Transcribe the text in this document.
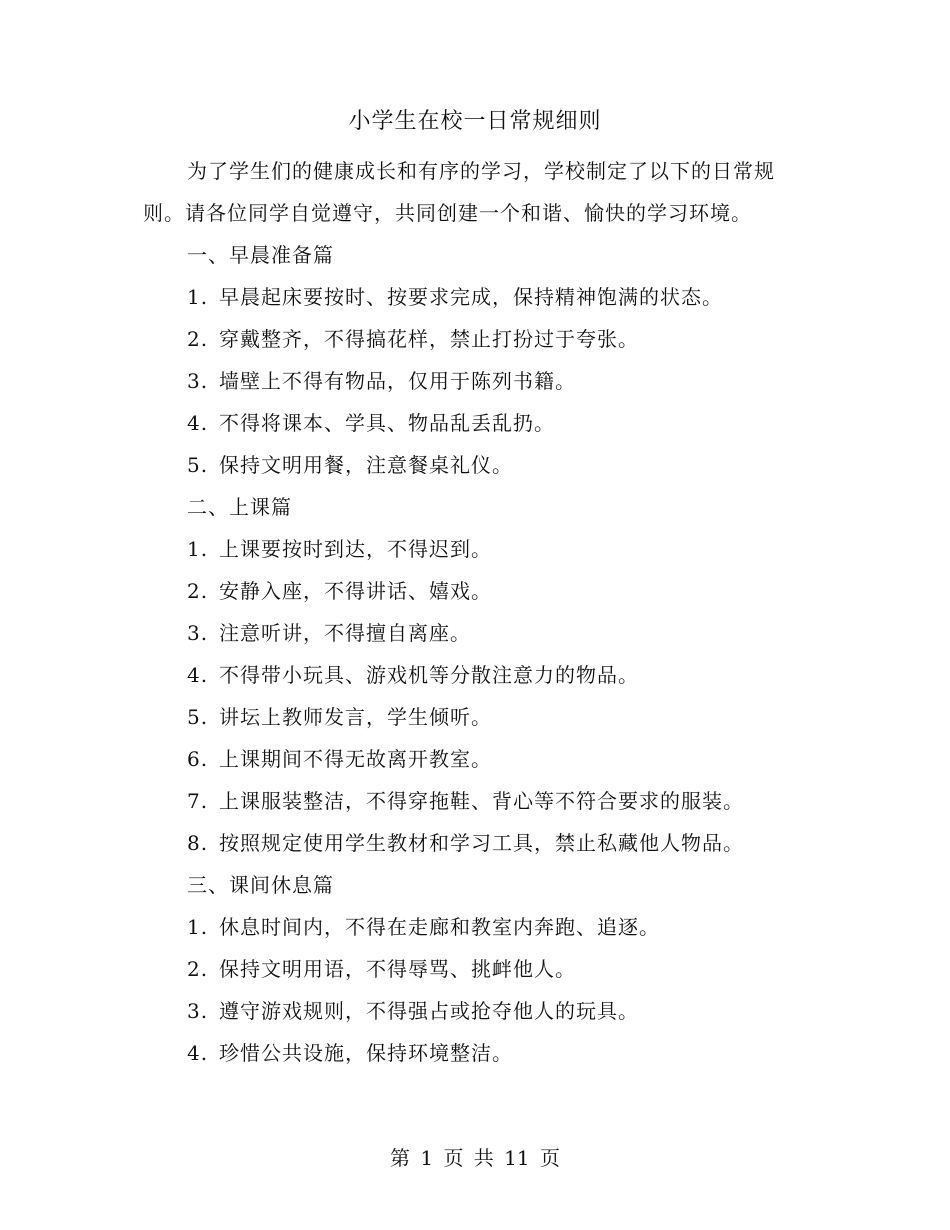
小学生在校一日常规细则

为了学生们的健康成长和有序的学习，学校制定了以下的日常规则。请各位同学自觉遵守，共同创建一个和谐、愉快的学习环境。

一、早晨准备篇
1. 早晨起床要按时、按要求完成，保持精神饱满的状态。
2. 穿戴整齐，不得搞花样，禁止打扮过于夸张。
3. 墙壁上不得有物品，仅用于陈列书籍。
4. 不得将课本、学具、物品乱丢乱扔。
5. 保持文明用餐，注意餐桌礼仪。
二、上课篇
1. 上课要按时到达，不得迟到。
2. 安静入座，不得讲话、嬉戏。
3. 注意听讲，不得擅自离座。
4. 不得带小玩具、游戏机等分散注意力的物品。
5. 讲坛上教师发言，学生倾听。
6. 上课期间不得无故离开教室。
7. 上课服装整洁，不得穿拖鞋、背心等不符合要求的服装。
8. 按照规定使用学生教材和学习工具，禁止私藏他人物品。
三、课间休息篇
1. 休息时间内，不得在走廊和教室内奔跑、追逐。
2. 保持文明用语，不得辱骂、挑衅他人。
3. 遵守游戏规则，不得强占或抢夺他人的玩具。
4. 珍惜公共设施，保持环境整洁。
第 1 页 共 11 页
